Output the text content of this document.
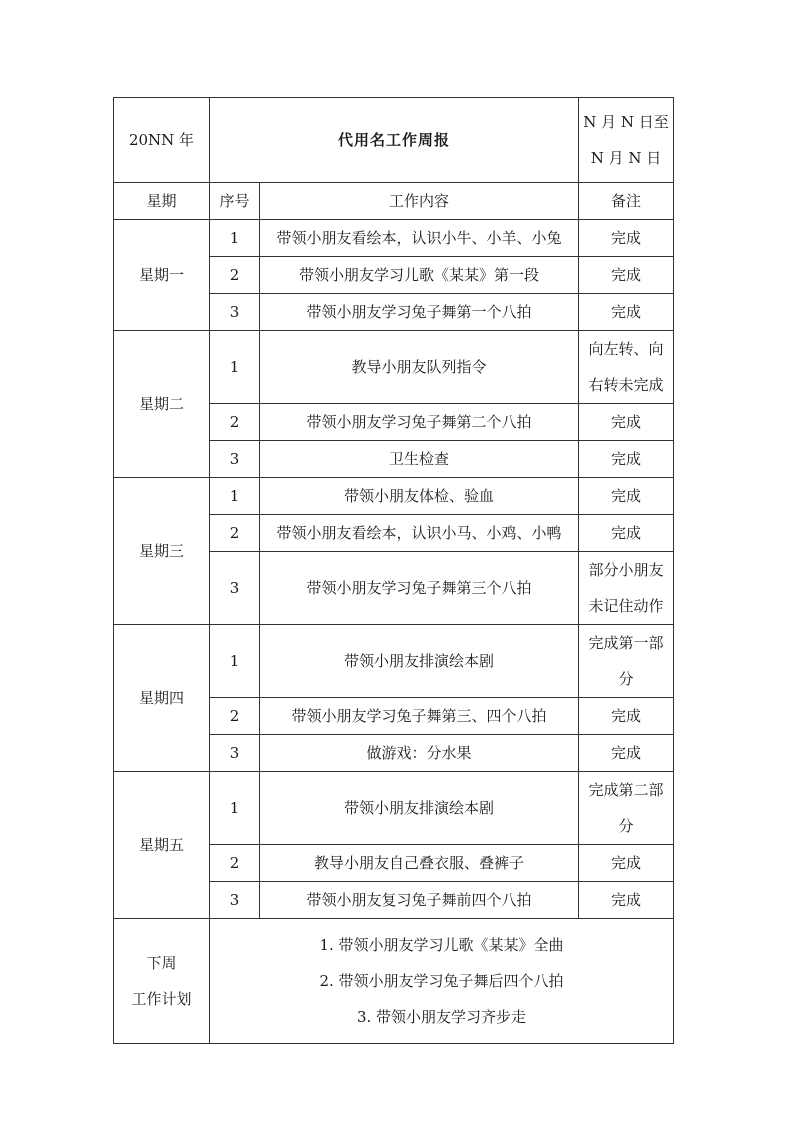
20NN 年	代用名工作周报		N 月 N 日至
N 月 N 日

星期	序号	工作内容	备注
星期一	1	带领小朋友看绘本，认识小牛、小羊、小兔	完成

	2	带领小朋友学习儿歌《某某》第一段	完成

	3	带领小朋友学习兔子舞第一个八拍	完成

星期二	1	教导小朋友队列指令	向左转、向
右转未完成

	2	带领小朋友学习兔子舞第二个八拍	完成

	3	卫生检查	完成

星期三	1	带领小朋友体检、验血	完成

	2	带领小朋友看绘本，认识小马、小鸡、小鸭	完成

	3	带领小朋友学习兔子舞第三个八拍	部分小朋友
未记住动作

星期四	1	带领小朋友排演绘本剧	完成第一部
分

	2	带领小朋友学习兔子舞第三、四个八拍	完成

	3	做游戏：分水果	完成

星期五	1	带领小朋友排演绘本剧	完成第二部
分

	2	教导小朋友自己叠衣服、叠裤子	完成

	3	带领小朋友复习兔子舞前四个八拍	完成

下周
工作计划	1. 带领小朋友学习儿歌《某某》全曲
2. 带领小朋友学习兔子舞后四个八拍
3. 带领小朋友学习齐步走		
